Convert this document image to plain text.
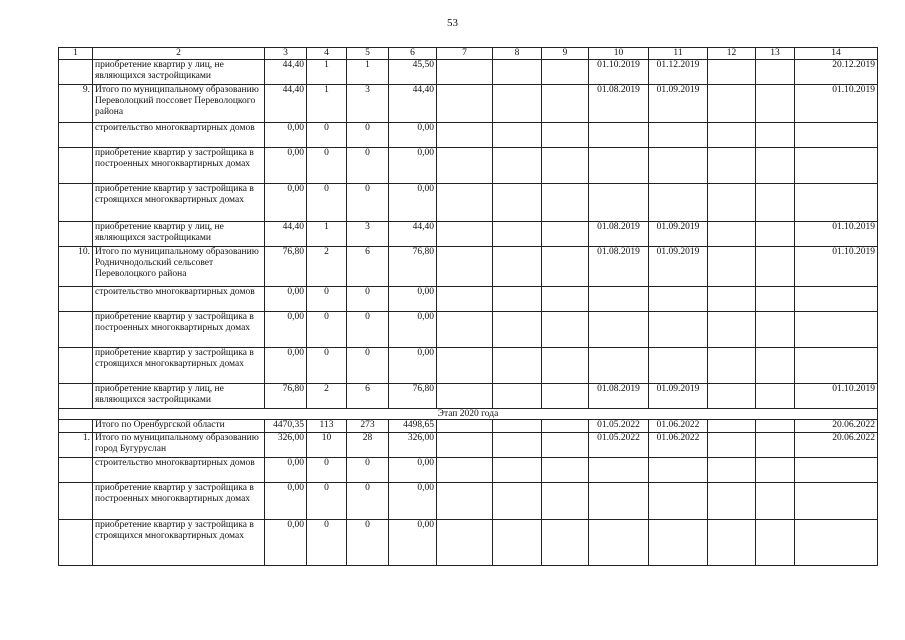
53
1	2	3	4	5	6	7	8	9	10	11	12	13	14
	приобретение квартир у лиц, не являющихся застройщиками	44,40	1	1	45,50				01.10.2019	01.12.2019			20.12.2019
9.	Итого по муниципальному образованию Переволоцкий поссовет Переволоцкого района	44,40	1	3	44,40				01.08.2019	01.09.2019			01.10.2019
	строительство многоквартирных домов	0,00	0	0	0,00								
	приобретение квартир у застройщика в построенных многоквартирных домах	0,00	0	0	0,00								
	приобретение квартир у застройщика в строящихся многоквартирных домах	0,00	0	0	0,00								
	приобретение квартир у лиц, не являющихся застройщиками	44,40	1	3	44,40				01.08.2019	01.09.2019			01.10.2019
10.	Итого по муниципальному образованию Родничнодольский сельсовет Переволоцкого района	76,80	2	6	76,80				01.08.2019	01.09.2019			01.10.2019
	строительство многоквартирных домов	0,00	0	0	0,00								
	приобретение квартир у застройщика в построенных многоквартирных домах	0,00	0	0	0,00								
	приобретение квартир у застройщика в строящихся многоквартирных домах	0,00	0	0	0,00								
	приобретение квартир у лиц, не являющихся застройщиками	76,80	2	6	76,80				01.08.2019	01.09.2019			01.10.2019
Этап 2020 года													
	Итого по Оренбургской области	4470,35	113	273	4498,65				01.05.2022	01.06.2022			20.06.2022
1.	Итого по муниципальному образованию город Бугуруслан	326,00	10	28	326,00				01.05.2022	01.06.2022			20.06.2022
	строительство многоквартирных домов	0,00	0	0	0,00								
	приобретение квартир у застройщика в построенных многоквартирных домах	0,00	0	0	0,00								
	приобретение квартир у застройщика в строящихся многоквартирных домах	0,00	0	0	0,00								
